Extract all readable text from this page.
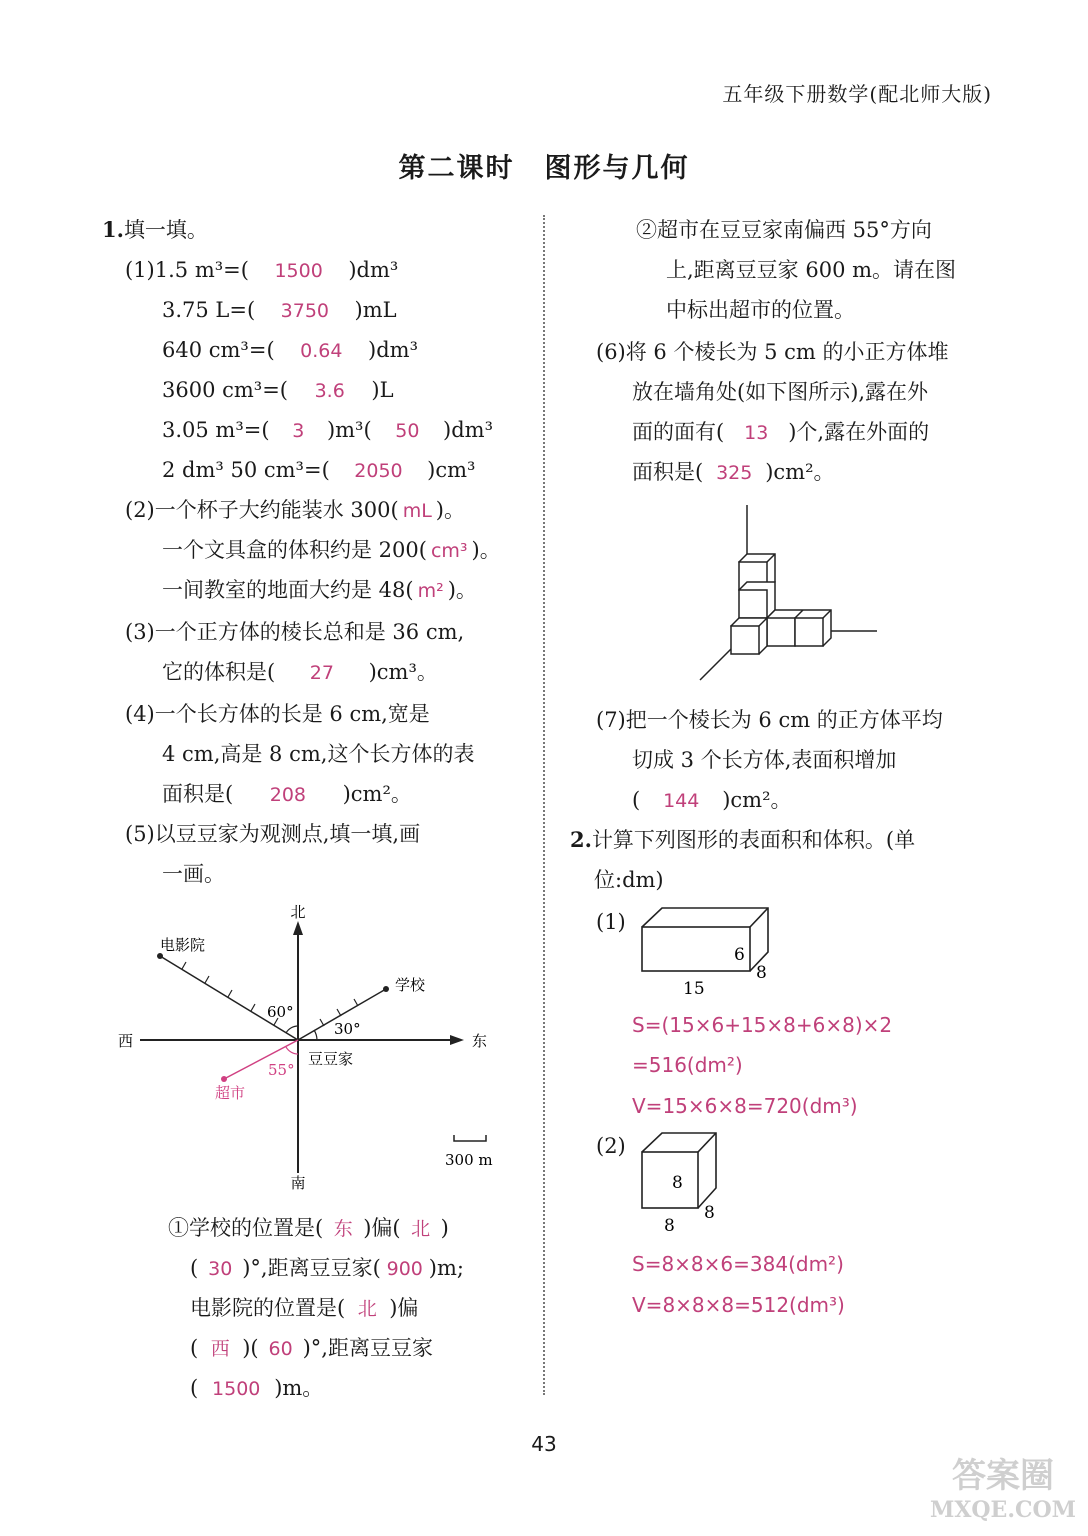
五年级下册数学(配北师大版)
第二课时 图形与几何
1.填一填。
(1)1.5 m³=( 1500 )dm³
3.75 L=( 3750 )mL
640 cm³=( 0.64 )dm³
3600 cm³=( 3.6 )L
3.05 m³=( 3 )m³( 50 )dm³
2 dm³ 50 cm³=( 2050 )cm³
(2)一个杯子大约能装水 300( mL )。
一个文具盒的体积约是 200( cm³ )。
一间教室的地面大约是 48( m² )。
(3)一个正方体的棱长总和是 36 cm,
它的体积是( 27 )cm³。
(4)一个长方体的长是 6 cm,宽是
4 cm,高是 8 cm,这个长方体的表
面积是( 208 )cm²。
(5)以豆豆家为观测点,填一填,画
一画。
北
南
东
西
电影院
学校
豆豆家
超市
60°
30°
55°
300 m
①学校的位置是( 东 )偏( 北 )
( 30 )°,距离豆豆家( 900 )m;
电影院的位置是( 北 )偏
( 西 )( 60 )°,距离豆豆家
( 1500 )m。
②超市在豆豆家南偏西 55°方向
上,距离豆豆家 600 m。请在图
中标出超市的位置。
(6)将 6 个棱长为 5 cm 的小正方体堆
放在墙角处(如下图所示),露在外
面的面有( 13 )个,露在外面的
面积是( 325 )cm²。
(7)把一个棱长为 6 cm 的正方体平均
切成 3 个长方体,表面积增加
( 144 )cm²。
2.计算下列图形的表面积和体积。(单
位:dm)
(1)
15
6
8
S=(15×6+15×8+6×8)×2
=516(dm²)
V=15×6×8=720(dm³)
(2)
8
8
8
S=8×8×6=384(dm²)
V=8×8×8=512(dm³)
43
答案圈
MXQE.COM
